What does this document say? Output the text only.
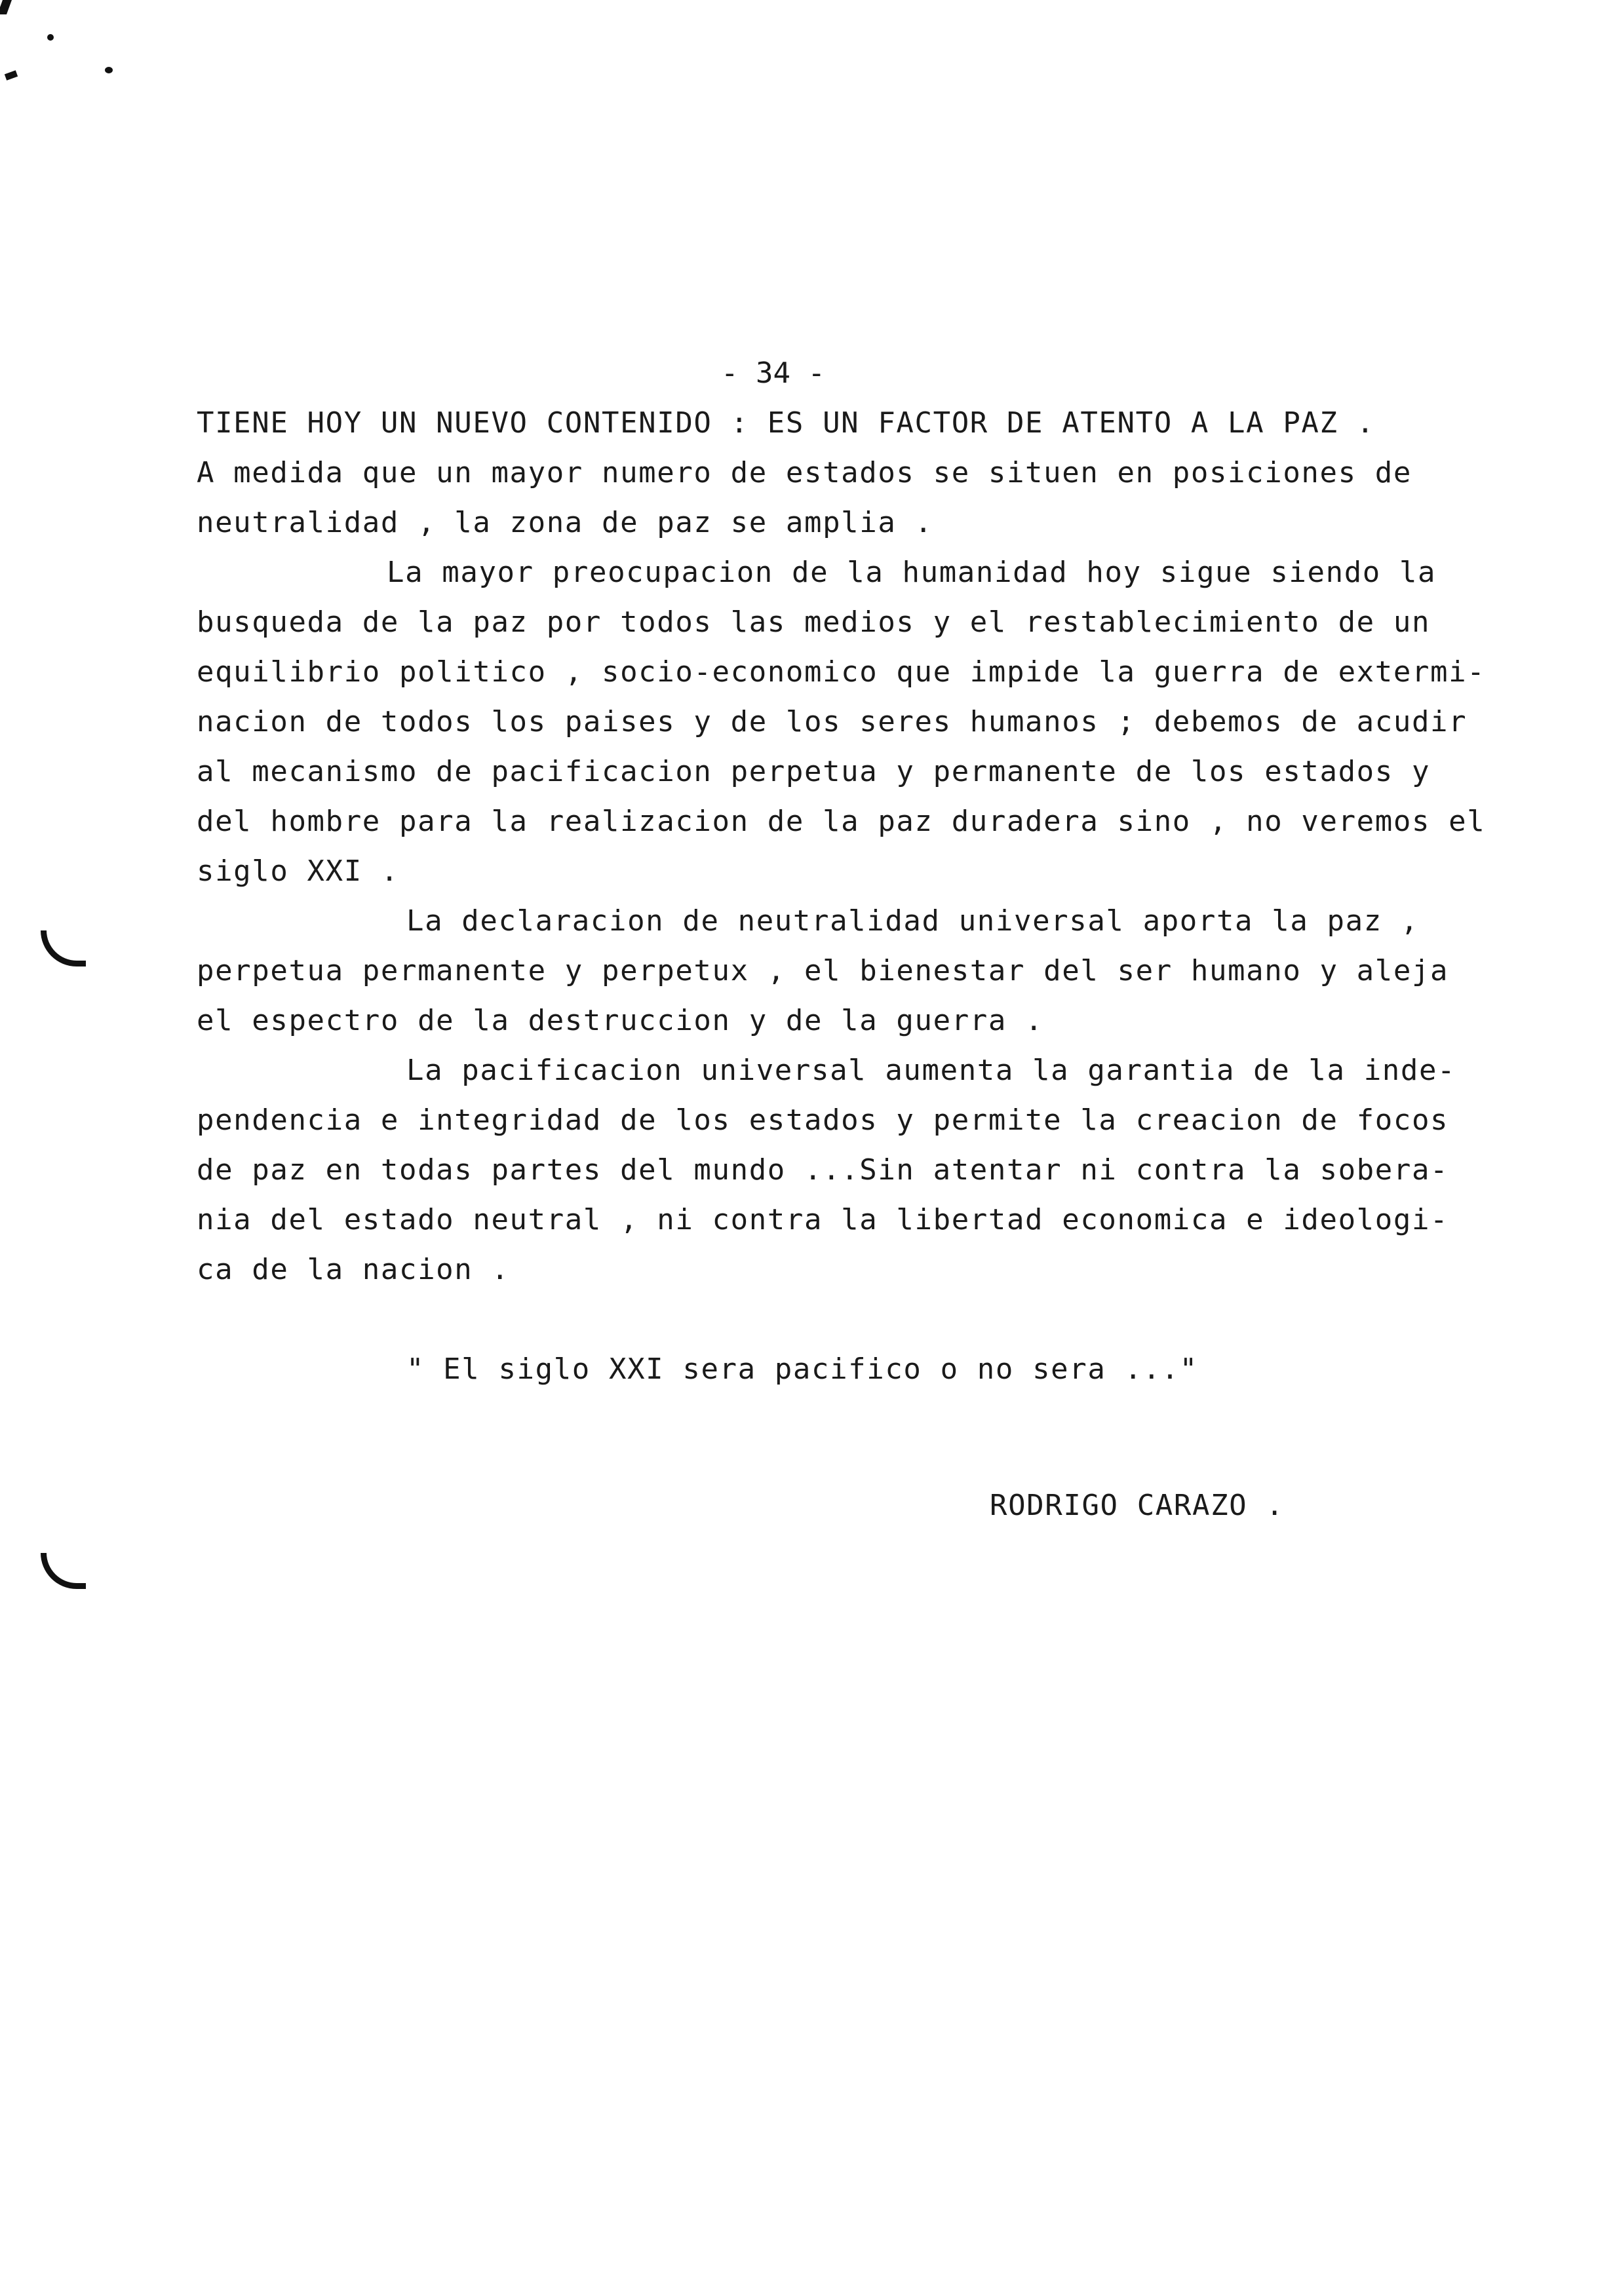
- 34 -
TIENE HOY UN NUEVO CONTENIDO : ES UN FACTOR DE ATENTO A LA PAZ .
A medida que un mayor numero de estados se situen en posiciones de
neutralidad , la zona de paz se amplia .
La mayor preocupacion de la humanidad hoy sigue siendo la
busqueda de la paz por todos las medios y el restablecimiento de un
equilibrio politico , socio-economico que impide la guerra de extermi-
nacion de todos los paises y de los seres humanos ; debemos de acudir
al mecanismo de pacificacion perpetua y permanente de los estados y
del hombre para la realizacion de la paz duradera sino , no veremos el
siglo XXI .
La declaracion de neutralidad universal aporta la paz ,
perpetua permanente y perpetux , el bienestar del ser humano y aleja
el espectro de la destruccion y de la guerra .
La pacificacion universal aumenta la garantia de la inde-
pendencia e integridad de los estados y permite la creacion de focos
de paz en todas partes del mundo ...Sin atentar ni contra la sobera-
nia del estado neutral , ni contra la libertad economica e ideologi-
ca de la nacion .
" El siglo XXI sera pacifico o no sera ..."
RODRIGO CARAZO .
